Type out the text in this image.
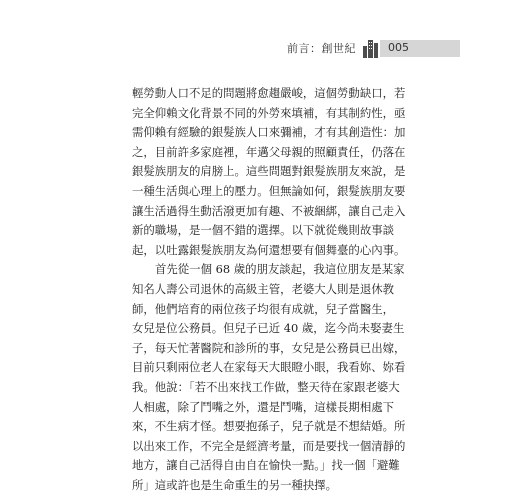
前言：創世紀	005
輕勞動人口不足的問題將愈趨嚴峻，這個勞動缺口，若
完全仰賴文化背景不同的外勞來填補，有其制約性，亟
需仰賴有經驗的銀髮族人口來彌補，才有其創造性：加
之，目前許多家庭裡，年邁父母親的照顧責任，仍落在
銀髮族朋友的肩膀上。這些問題對銀髮族朋友來說，是
一種生活與心理上的壓力。但無論如何，銀髮族朋友要
讓生活過得生動活潑更加有趣、不被綑綁，讓自己走入
新的職場，是一個不錯的選擇。以下就從幾則故事談
起，以吐露銀髮族朋友為何還想要有個舞臺的心內事。
首先從一個 68 歲的朋友談起，我這位朋友是某家
知名人壽公司退休的高級主管，老婆大人則是退休教
師，他們培育的兩位孩子均很有成就，兒子當醫生，
女兒是位公務員。但兒子已近 40 歲，迄今尚未娶妻生
子，每天忙著醫院和診所的事，女兒是公務員已出嫁，
目前只剩兩位老人在家每天大眼瞪小眼，我看妳、妳看
我。他說：「若不出來找工作做，整天待在家跟老婆大
人相處，除了鬥嘴之外，還是鬥嘴，這樣長期相處下
來，不生病才怪。想要抱孫子，兒子就是不想結婚。所
以出來工作，不完全是經濟考量，而是要找一個清靜的
地方，讓自己活得自由自在愉快一點。」找一個「避難
所」這或許也是生命重生的另一種抉擇。
